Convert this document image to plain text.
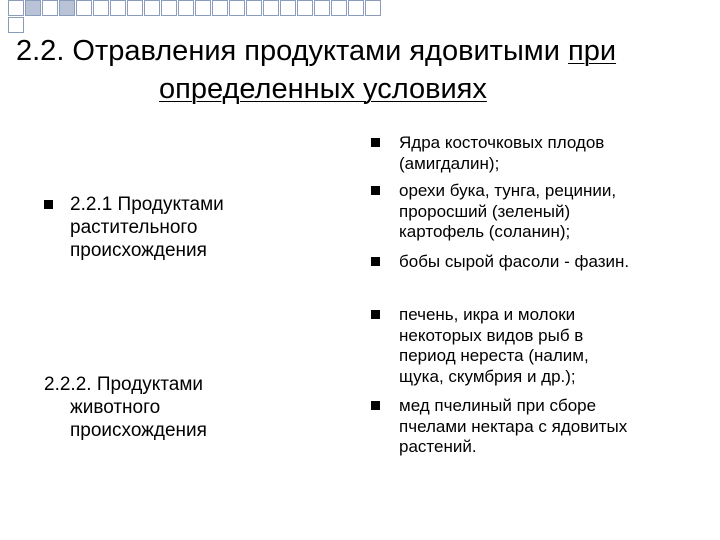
2.2. Отравления продуктами ядовитыми при
определенных условиях
2.2.1 Продуктами
растительного
происхождения
2.2.2. Продуктами
животного
происхождения
Ядра косточковых плодов
(амигдалин);
орехи бука, тунга, рецинии,
проросший (зеленый)
картофель (соланин);
бобы сырой фасоли - фазин.
печень, икра и молоки
некоторых видов рыб в
период нереста (налим,
щука, скумбрия и др.);
мед пчелиный при сборе
пчелами нектара с ядовитых
растений.
